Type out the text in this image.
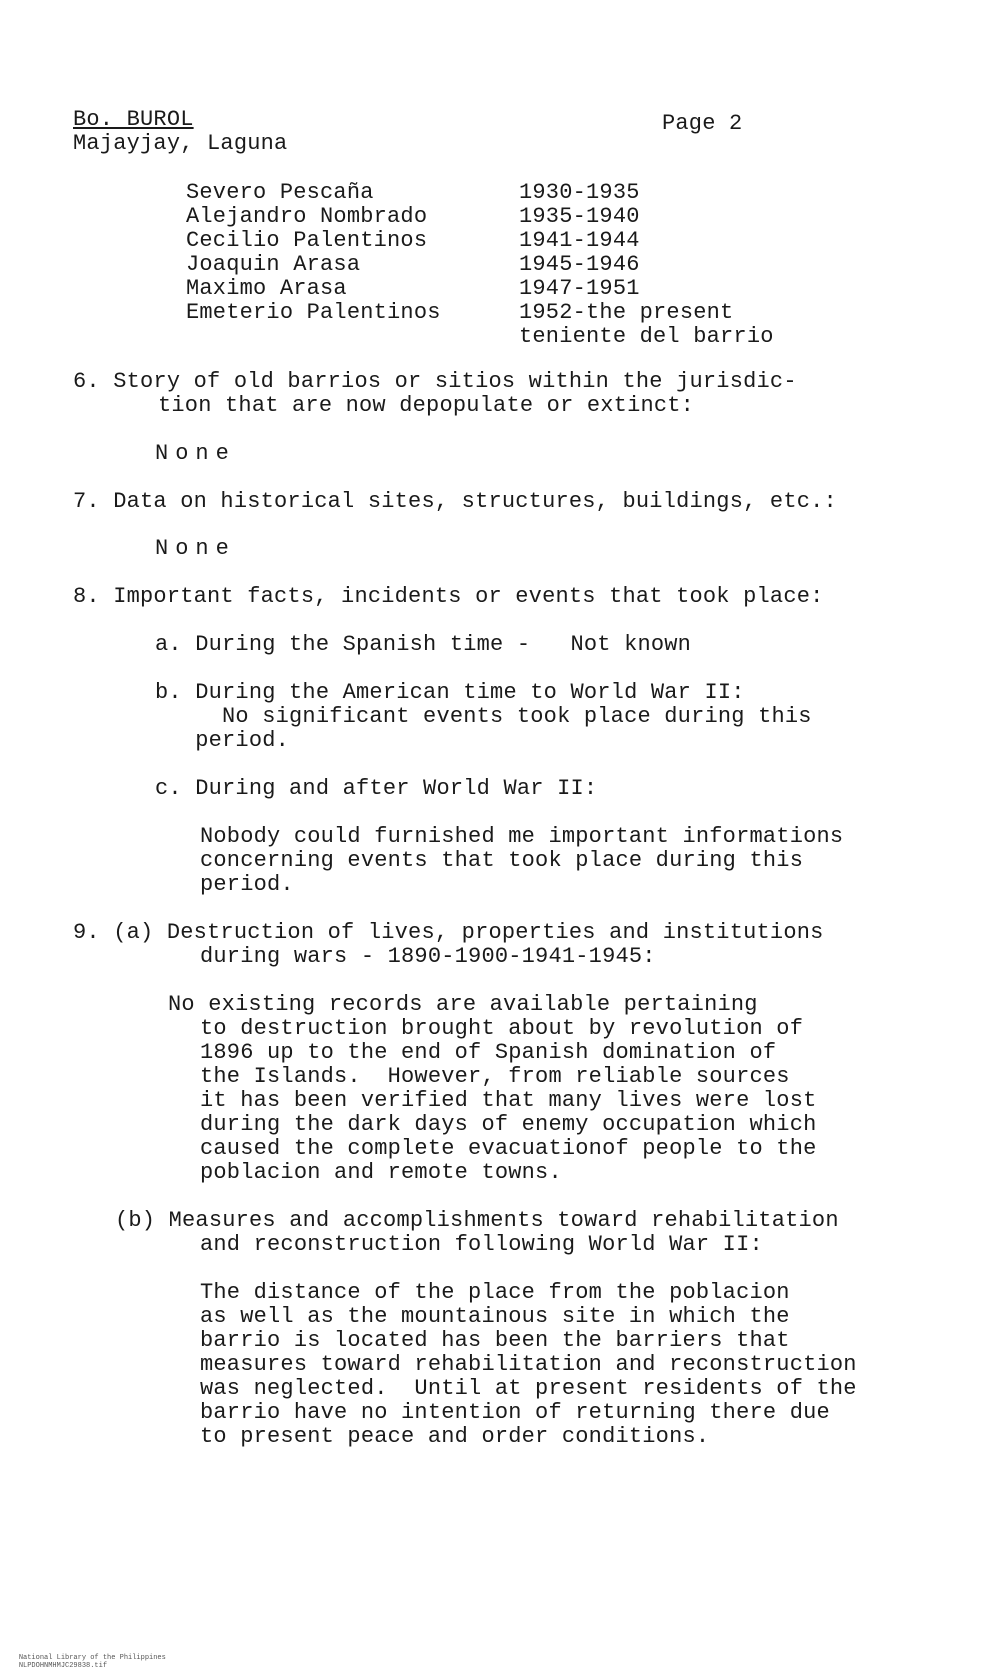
Bo. BUROL

Majayjay, Laguna

Page 2

Severo Pescaña	1930-1935

Alejandro Nombrado	1935-1940

Cecilio Palentinos	1941-1944

Joaquin Arasa	1945-1946

Maximo Arasa	1947-1951

Emeterio Palentinos	1952-the present

teniente del barrio

6. Story of old barrios or sitios within the jurisdic-

tion that are now depopulate or extinct:

None

7. Data on historical sites, structures, buildings, etc.:

None

8. Important facts, incidents or events that took place:

a. During the Spanish time -   Not known

b. During the American time to World War II:

No significant events took place during this

period.

c. During and after World War II:

Nobody could furnished me important informations

concerning events that took place during this

period.

9. (a) Destruction of lives, properties and institutions

during wars - 1890-1900-1941-1945:

No existing records are available pertaining

to destruction brought about by revolution of

1896 up to the end of Spanish domination of

the Islands.  However, from reliable sources

it has been verified that many lives were lost

during the dark days of enemy occupation which

caused the complete evacuationof people to the

poblacion and remote towns.

(b) Measures and accomplishments toward rehabilitation

and reconstruction following World War II:

The distance of the place from the poblacion

as well as the mountainous site in which the

barrio is located has been the barriers that

measures toward rehabilitation and reconstruction

was neglected.  Until at present residents of the

barrio have no intention of returning there due

to present peace and order conditions.

National Library of the Philippines
NLPDOHNMHMJC29838.tif
